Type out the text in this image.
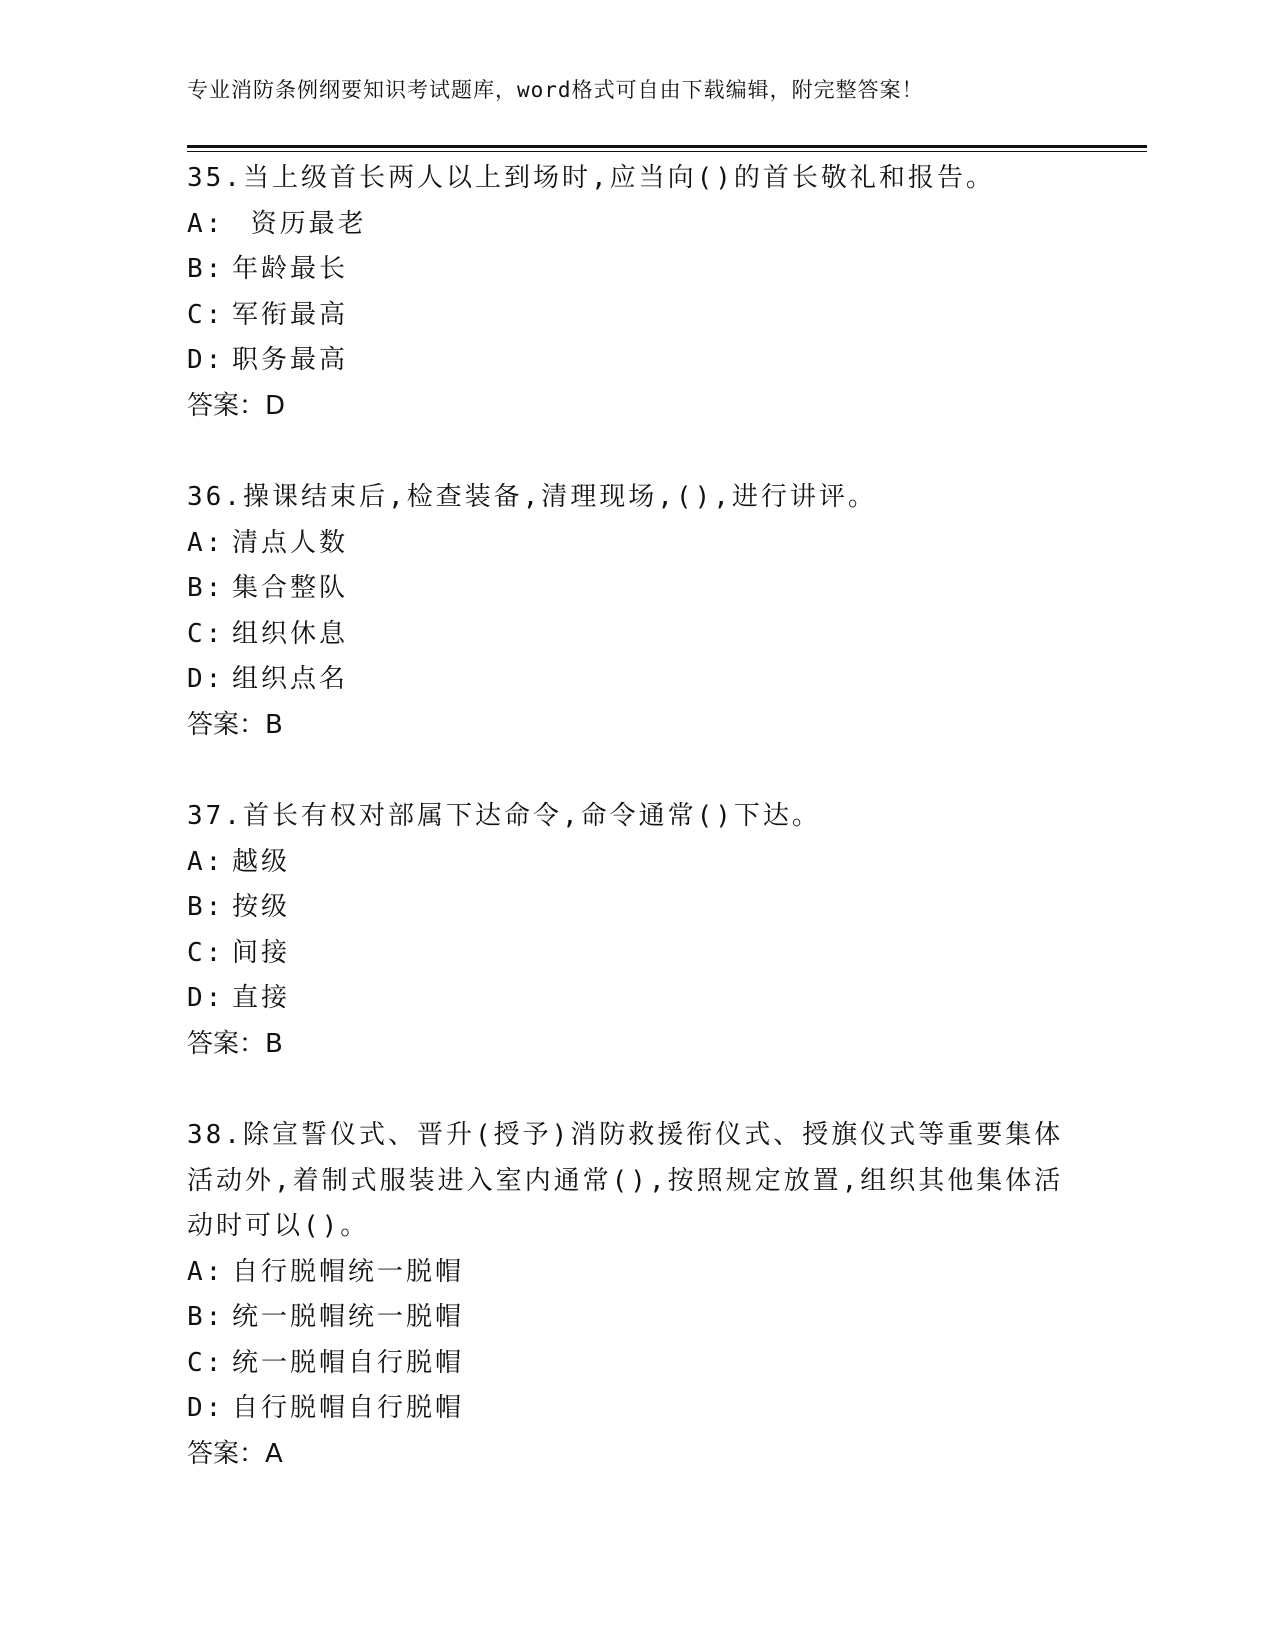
专业消防条例纲要知识考试题库，word格式可自由下载编辑，附完整答案！
35.当上级首长两人以上到场时,应当向()的首长敬礼和报告。
A: 资历最老
B: 年龄最长
C: 军衔最高
D: 职务最高
答案：D
36.操课结束后,检查装备,清理现场,(),进行讲评。
A: 清点人数
B: 集合整队
C: 组织休息
D: 组织点名
答案：B
37.首长有权对部属下达命令,命令通常()下达。
A: 越级
B: 按级
C: 间接
D: 直接
答案：B
38.除宣誓仪式、晋升(授予)消防救援衔仪式、授旗仪式等重要集体活动外,着制式服装进入室内通常(),按照规定放置,组织其他集体活动时可以()。
A: 自行脱帽统一脱帽
B: 统一脱帽统一脱帽
C: 统一脱帽自行脱帽
D: 自行脱帽自行脱帽
答案：A
